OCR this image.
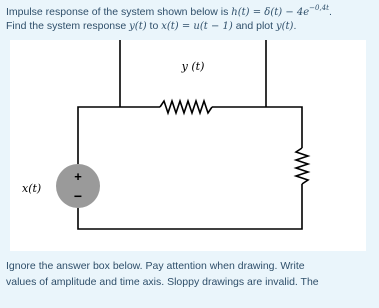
Impulse response of the system shown below is $h(t) = \delta(t) - 4e^{-0,4t}$.
Find the system response y(t) to x(t) = u(t − 1) and plot y(t).
y (t)
+
−
x(t)
Ignore the answer box below. Pay attention when drawing. Write
values of amplitude and time axis. Sloppy drawings are invalid. The
